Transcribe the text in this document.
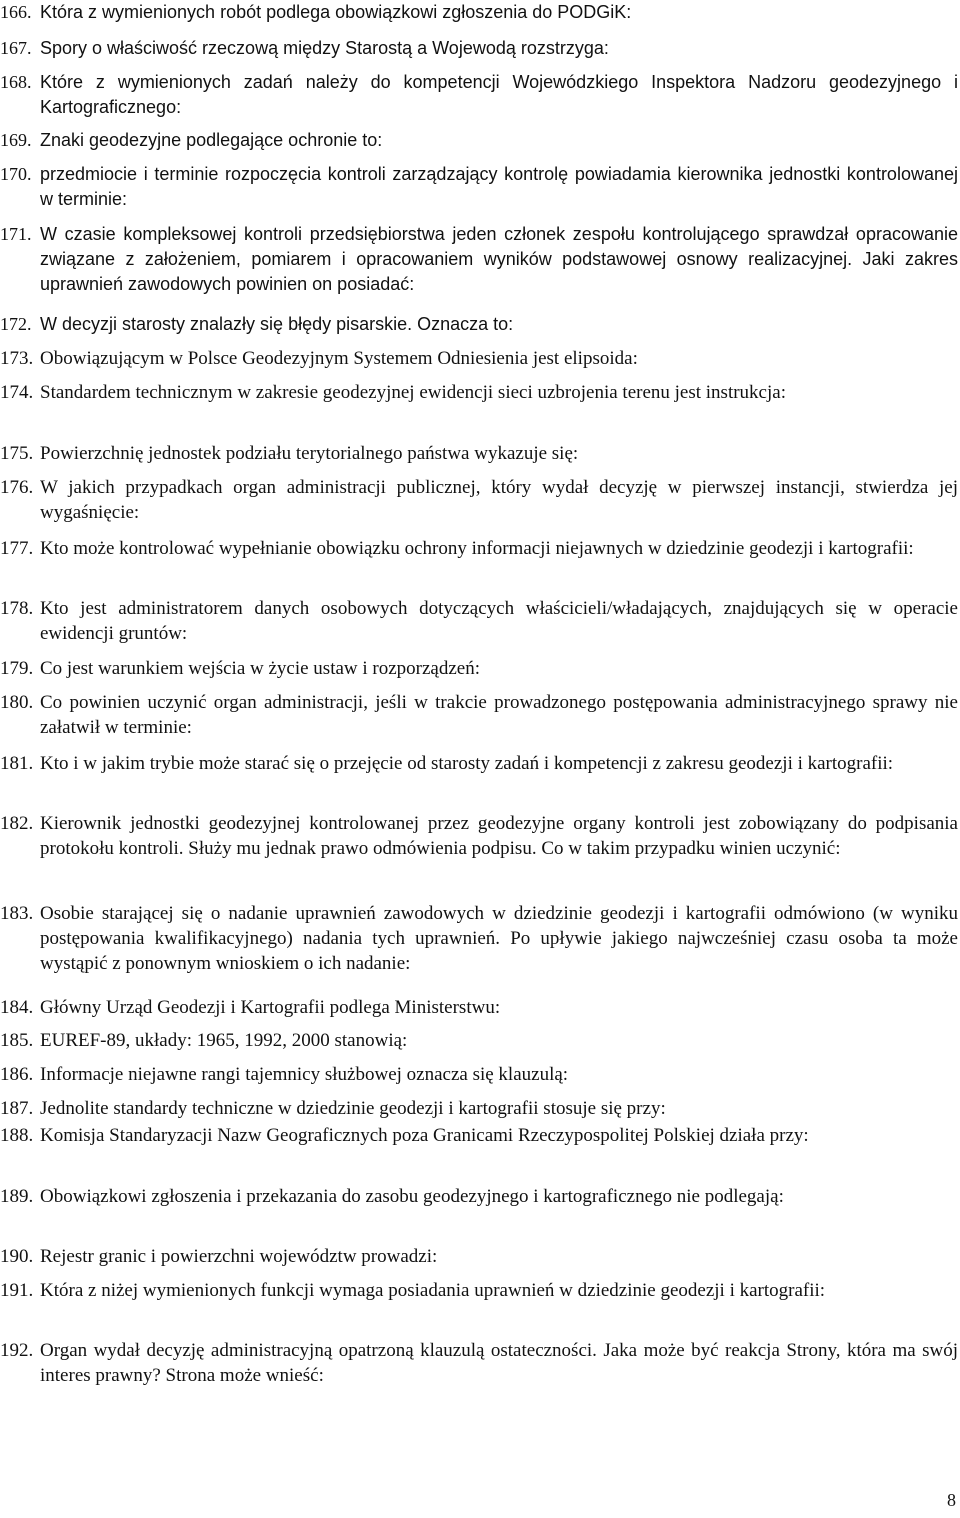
166. Która z wymienionych robót podlega obowiązkowi zgłoszenia do PODGiK:
167. Spory o właściwość rzeczową między Starostą a Wojewodą rozstrzyga:
168. Które z wymienionych zadań należy do kompetencji Wojewódzkiego Inspektora Nadzoru geodezyjnego i Kartograficznego:
169. Znaki geodezyjne podlegające ochronie to:
170. przedmiocie i terminie rozpoczęcia kontroli zarządzający kontrolę powiadamia kierownika jednostki kontrolowanej w terminie:
171. W czasie kompleksowej kontroli przedsiębiorstwa jeden członek zespołu kontrolującego sprawdzał opracowanie związane z założeniem, pomiarem i opracowaniem wyników podstawowej osnowy realizacyjnej. Jaki zakres uprawnień zawodowych powinien on posiadać:
172. W decyzji starosty znalazły się błędy pisarskie. Oznacza to:
173. Obowiązującym w Polsce Geodezyjnym Systemem Odniesienia jest elipsoida:
174. Standardem technicznym w zakresie geodezyjnej ewidencji sieci uzbrojenia terenu jest instrukcja:
175. Powierzchnię jednostek podziału terytorialnego państwa wykazuje się:
176. W jakich przypadkach organ administracji publicznej, który wydał decyzję w pierwszej instancji, stwierdza jej wygaśnięcie:
177. Kto może kontrolować wypełnianie obowiązku ochrony informacji niejawnych w dziedzinie geodezji i kartografii:
178. Kto jest administratorem danych osobowych dotyczących właścicieli/władających, znajdujących się w operacie ewidencji gruntów:
179. Co jest warunkiem wejścia w życie ustaw i rozporządzeń:
180. Co powinien uczynić organ administracji, jeśli w trakcie prowadzonego postępowania administracyjnego sprawy nie załatwił w terminie:
181. Kto i w jakim trybie może starać się o przejęcie od starosty zadań i kompetencji z zakresu geodezji i kartografii:
182. Kierownik jednostki geodezyjnej kontrolowanej przez geodezyjne organy kontroli jest zobowiązany do podpisania protokołu kontroli. Służy mu jednak prawo odmówienia podpisu. Co w takim przypadku winien uczynić:
183. Osobie starającej się o nadanie uprawnień zawodowych w dziedzinie geodezji i kartografii odmówiono (w wyniku postępowania kwalifikacyjnego) nadania tych uprawnień. Po upływie jakiego najwcześniej czasu osoba ta może wystąpić z ponownym wnioskiem o ich nadanie:
184. Główny Urząd Geodezji i Kartografii podlega Ministerstwu:
185. EUREF-89, układy: 1965, 1992, 2000 stanowią:
186. Informacje niejawne rangi tajemnicy służbowej oznacza się klauzulą:
187. Jednolite standardy techniczne w dziedzinie geodezji i kartografii stosuje się przy:
188. Komisja Standaryzacji Nazw Geograficznych poza Granicami Rzeczypospolitej Polskiej działa przy:
189. Obowiązkowi zgłoszenia i przekazania do zasobu geodezyjnego i kartograficznego nie podlegają:
190. Rejestr granic i powierzchni województw prowadzi:
191. Która z niżej wymienionych funkcji wymaga posiadania uprawnień w dziedzinie geodezji i kartografii:
192. Organ wydał decyzję administracyjną opatrzoną klauzulą ostateczności. Jaka może być reakcja Strony, która ma swój interes prawny? Strona może wnieść:
8
